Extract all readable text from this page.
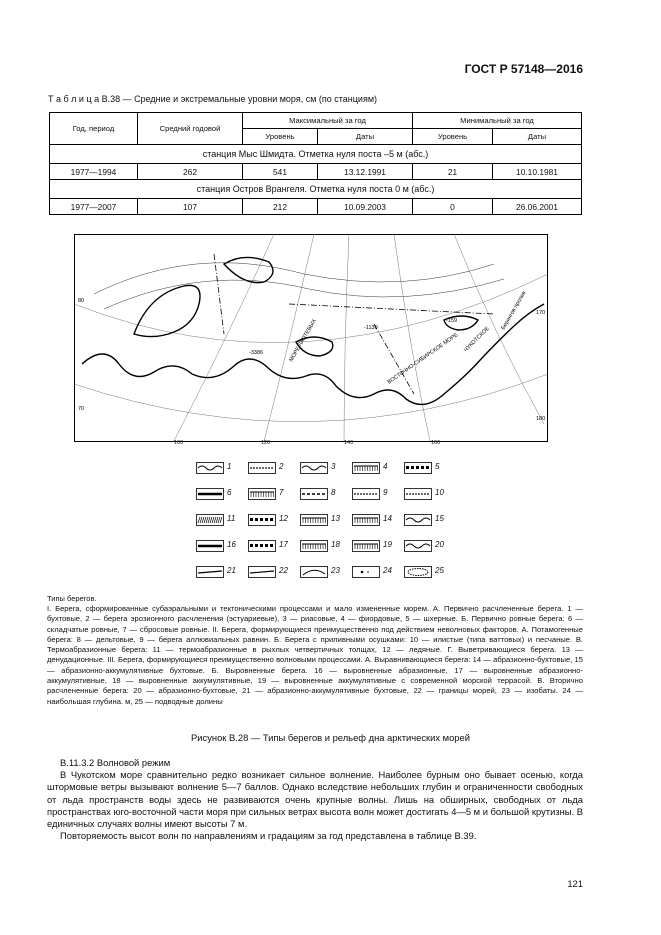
ГОСТ Р 57148—2016
Т а б л и ц а В.38 — Средние и экстремальные уровни моря, см (по станциям)
Год, период	Средний годовой	Максимальный за год		Минимальный за год	
		Уровень	Даты	Уровень	Даты
станция Мыс Шмидта. Отметка нуля поста –5 м (абс.)					
1977—1994	262	541	13.12.1991	21	10.10.1981
станция Остров Врангеля. Отметка нуля поста 0 м (абс.)					
1977—2007	107	212	10.09.2003	0	26.06.2001
80
70
170
180
МОРЕ ЛАПТЕВЫХ	ВОСТОЧНО-СИБИРСКОЕ МОРЕ ЧУКОТСКОЕ
Берингов пролив
-3386
-1130
-159
100	120	140	160
1	2	3	4	5
6	7	8	9	10
11	12	13	14	15
16	17	18	19	20
21	22	23	24	25
Типы берегов.
I. Берега, сформированные субаэральными и тектоническими процессами и мало измененные морем. А. Первично расчлененные берега. 1 — бухтовые, 2 — берега эрозионного расчленения (эстуариевые), 3 — риасовые, 4 — фиордовые, 5 — шхерные. Б. Первично ровные берега: 6 — складчатые ровные, 7 — сбросовые ровные. II. Берега, формирующиеся преимущественно под действием неволновых факторов. А. Потамогенные берега: 8 — дельтовые, 9 — берега аллювиальных равнин. Б. Берега с приливными осушками: 10 — илистые (типа ваттовых) и песчаные. В. Термоабразионные берега: 11 — термоабразионные в рыхлых четвертичных толщах, 12 — ледяные. Г. Выветривающиеся берега. 13 — денудационные. III. Берега, формирующиеся преимущественно волновыми процессами. А. Выравнивающиеся берега: 14 — абразионно-бухтовые, 15 — абразионно-аккумулятивные бухтовые. Б. Выровненные берега. 16 — выровненные абразионные, 17 — выровненные абразионно-аккумулятивные, 18 — выровненные аккумулятивные, 19 — выровненные аккумулятивные с современной морской террасой. В. Вторично расчлененные берега: 20 — абразионно-бухтовые, 21 — абразионно-аккумулятивные бухтовые, 22 — границы морей, 23 — изобаты. 24 — наибольшая глубина. м, 25 — подводные долины
Рисунок В.28 — Типы берегов и рельеф дна арктических морей
В.11.3.2 Волновой режим

В Чукотском море сравнительно редко возникает сильное волнение. Наиболее бурным оно бывает осенью, когда штормовые ветры вызывают волнение 5—7 баллов. Однако вследствие небольших глубин и ограниченности свободных от льда пространств воды здесь не развиваются очень крупные волны. Лишь на обширных, свободных от льда пространствах юго-восточной части моря при сильных ветрах высота волн может достигать 4—5 м и большой крутизны. В единичных случаях волны имеют высоты 7 м.

Повторяемость высот волн по направлениям и градациям за год представлена в таблице В.39.

121
